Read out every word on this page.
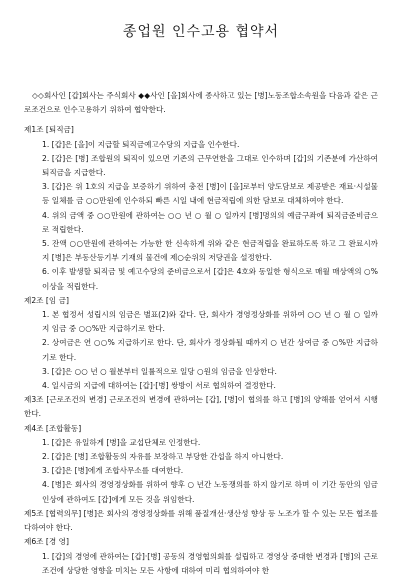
종업원 인수고용 협약서

◇◇회사인 [갑]회사는 주식회사 ◆◆사인 [을]회사에 종사하고 있는 [병]노동조합소속원을 다음과 같은 근로조건으로 인수고용하기 위하여 협약한다.

제1조 [퇴직금]

1. [갑]은 [을]이 지급할 퇴직금예고수당의 지급을 인수한다.
2. [갑]은 [병] 조합원의 퇴직이 있으면 기존의 근무연한을 그대로 인수하며 [갑]의 기존분에 가산하여 퇴직금을 지급한다.
3. [갑]은 위 1호의 지급을 보증하기 위하여 충전 [병]이 [을]로부터 양도담보로 제공받은 재료·시설물 등 일체를 금 ○○만원에 인수하되 빠른 시일 내에 현금적립에 의한 담보로 대체하여야 한다.
4. 위의 금액 중 ○○만원에 관하여는 ○○ 년 ○ 월 ○ 일까지 [병]명의의 예금구좌에 퇴직금준비금으로 적립한다.
5. 잔액 ○○만원에 관하여는 가능한 한 신속하게 위와 같은 현금적립을 완료하도록 하고 그 완료시까지 [병]은 부동산등기부 기재의 물건에 제○순위의 저당권을 설정한다.
6. 이후 발생할 퇴직금 및 예고수당의 준비금으로서 [갑]은 4호와 동일한 형식으로 매월 매상액의 ○% 이상을 적립한다.

제2조 [임 금]

1. 본 협정서 성립시의 임금은 별표(2)와 같다. 단, 회사가 경영정상화를 위하여 ○○ 년 ○ 월 ○ 일까지 임금 중 ○○%만 지급하기로 한다.
2. 상여금은 연 ○○% 지급하기로 한다. 단, 회사가 정상화될 때까지 ○ 년간 상여금 중 ○%만 지급하기로 한다.
3. [갑]은 ○○ 년 ○ 월분부터 일률적으로 일당 ○원의 임금을 인상한다.
4. 일시금의 지급에 대하여는 [갑]·[병] 쌍방이 서로 협의하여 결정한다.

제3조 [근로조건의 변경] 근로조건의 변경에 관하여는 [갑], [병]이 협의를 하고 [병]의 양해를 얻어서 시행한다.

제4조 [조합활동]

1. [갑]은 유일하게 [병]을 교섭단체로 인정한다.
2. [갑]은 [병] 조합활동의 자유를 보장하고 부당한 간섭을 하지 아니한다.
3. [갑]은 [병]에게 조합사무소를 대여한다.
4. [병]은 회사의 경영정상화를 위하여 향후 ○ 년간 노동쟁의를 하지 않기로 하며 이 기간 동안의 임금인상에 관하여도 [갑]에게 모든 것을 위임한다.

제5조 [협력의무] [병]은 회사의 경영정상화를 위해 품질개선·생산성 향상 등 노조가 할 수 있는 모든 협조를 다하여야 한다.

제6조 [경 영]

1. [갑]의 경영에 관하여는 [갑]·[병] 공동의 경영협의회를 설립하고 경영상 중대한 변경과 [병]의 근로조건에 상당한 영향을 미치는 모든 사항에 대하여 미리 협의하여야 한
